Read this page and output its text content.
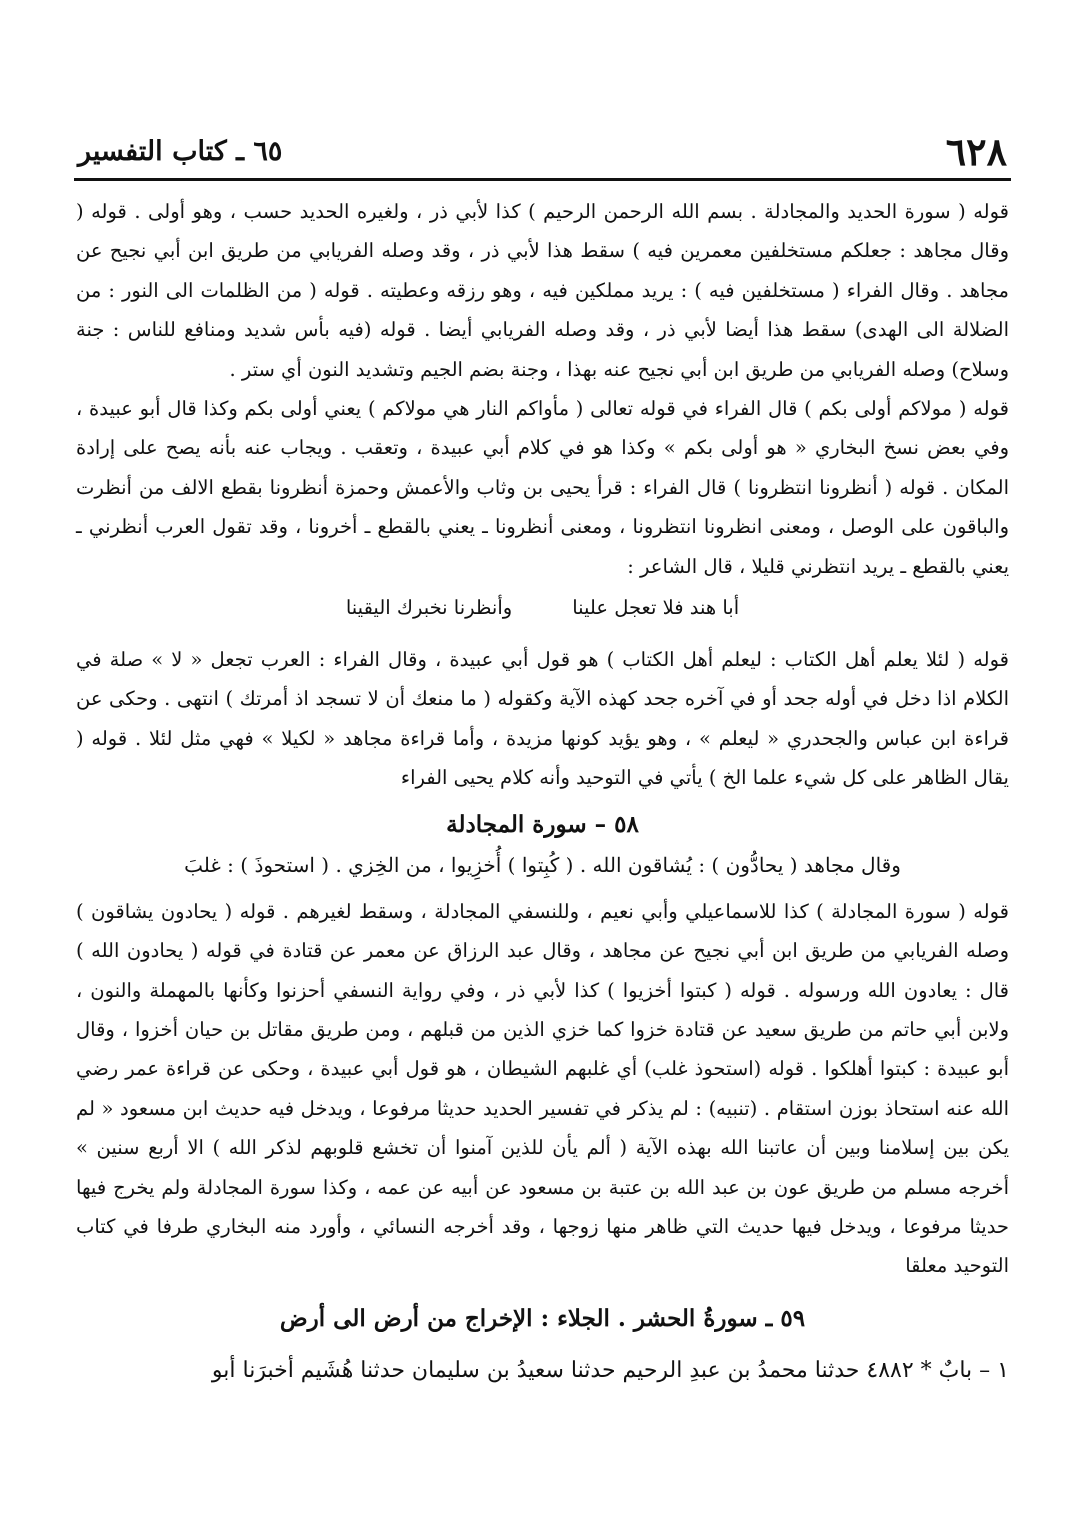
٦٢٨
٦٥ ـ كتاب التفسير

قوله ( سورة الحديد والمجادلة . بسم الله الرحمن الرحيم ) كذا لأبي ذر ، ولغيره الحديد حسب ، وهو أولى . قوله ( وقال مجاهد : جعلكم مستخلفين معمرين فيه ) سقط هذا لأبي ذر ، وقد وصله الفريابي من طريق ابن أبي نجيح عن مجاهد . وقال الفراء ( مستخلفين فيه ) : يريد مملكين فيه ، وهو رزقه وعطيته . قوله ( من الظلمات الى النور : من الضلالة الى الهدى) سقط هذا أيضا لأبي ذر ، وقد وصله الفريابي أيضا . قوله (فيه بأس شديد ومنافع للناس : جنة وسلاح) وصله الفريابي من طريق ابن أبي نجيح عنه بهذا ، وجنة بضم الجيم وتشديد النون أي ستر .

قوله ( مولاكم أولى بكم ) قال الفراء في قوله تعالى ( مأواكم النار هي مولاكم ) يعني أولى بكم وكذا قال أبو عبيدة ، وفي بعض نسخ البخاري « هو أولى بكم » وكذا هو في كلام أبي عبيدة ، وتعقب . ويجاب عنه بأنه يصح على إرادة المكان . قوله ( أنظرونا انتظرونا ) قال الفراء : قرأ يحيى بن وثاب والأعمش وحمزة أنظرونا بقطع الالف من أنظرت والباقون على الوصل ، ومعنى انظرونا انتظرونا ، ومعنى أنظرونا ـ يعني بالقطع ـ أخرونا ، وقد تقول العرب أنظرني ـ يعني بالقطع ـ يريد انتظرني قليلا ، قال الشاعر :

أبا هند فلا تعجل علينا
وأنظرنا نخبرك اليقينا

قوله ( لئلا يعلم أهل الكتاب : ليعلم أهل الكتاب ) هو قول أبي عبيدة ، وقال الفراء : العرب تجعل « لا » صلة في الكلام اذا دخل في أوله جحد أو في آخره جحد كهذه الآية وكقوله ( ما منعك أن لا تسجد اذ أمرتك ) انتهى . وحكى عن قراءة ابن عباس والجحدري « ليعلم » ، وهو يؤيد كونها مزيدة ، وأما قراءة مجاهد « لكيلا » فهي مثل لئلا . قوله ( يقال الظاهر على كل شيء علما الخ ) يأتي في التوحيد وأنه كلام يحيى الفراء

٥٨ – سورة المجادلة
وقال مجاهد ( يحادُّون ) : يُشاقون الله . ( كُبِتوا ) أُخزِيوا ، من الخِزي . ( استحوذَ ) : غلبَ

قوله ( سورة المجادلة ) كذا للاسماعيلي وأبي نعيم ، وللنسفي المجادلة ، وسقط لغيرهم . قوله ( يحادون يشاقون ) وصله الفريابي من طريق ابن أبي نجيح عن مجاهد ، وقال عبد الرزاق عن معمر عن قتادة في قوله ( يحادون الله ) قال : يعادون الله ورسوله . قوله ( كبتوا أخزيوا ) كذا لأبي ذر ، وفي رواية النسفي أحزنوا وكأنها بالمهملة والنون ، ولابن أبي حاتم من طريق سعيد عن قتادة خزوا كما خزي الذين من قبلهم ، ومن طريق مقاتل بن حيان أخزوا ، وقال أبو عبيدة : كبتوا أهلكوا . قوله (استحوذ غلب) أي غلبهم الشيطان ، هو قول أبي عبيدة ، وحكى عن قراءة عمر رضي الله عنه استحاذ بوزن استقام . (تنبيه) : لم يذكر في تفسير الحديد حديثا مرفوعا ، ويدخل فيه حديث ابن مسعود « لم يكن بين إسلامنا وبين أن عاتبنا الله بهذه الآية ( ألم يأن للذين آمنوا أن تخشع قلوبهم لذكر الله ) الا أربع سنين » أخرجه مسلم من طريق عون بن عبد الله بن عتبة بن مسعود عن أبيه عن عمه ، وكذا سورة المجادلة ولم يخرج فيها حديثا مرفوعا ، ويدخل فيها حديث التي ظاهر منها زوجها ، وقد أخرجه النسائي ، وأورد منه البخاري طرفا في كتاب التوحيد معلقا

٥٩ ـ سورةُ الحشر . الجلاء : الإخراج من أرض الى أرض
١ – بابٌ * ٤٨٨٢ حدثنا محمدُ بن عبدِ الرحيم حدثنا سعيدُ بن سليمان حدثنا هُشَيم أخبرَنا أبو
